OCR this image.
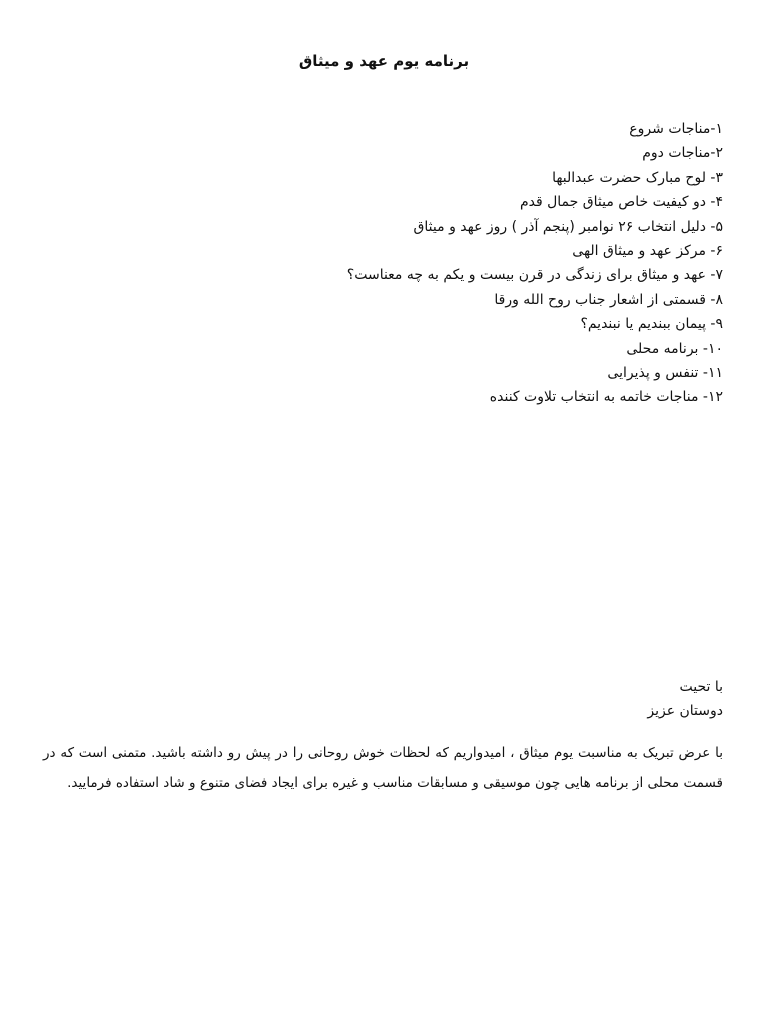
برنامه یوم عهد و میثاق
۱-مناجات شروع
۲-مناجات دوم
۳- لوح مبارک حضرت عبدالبها
۴- دو کیفیت خاص میثاق جمال قدم
۵- دلیل انتخاب ۲۶ نوامبر (پنجم آذر ) روز عهد و میثاق
۶- مرکز عهد و میثاق الهی
۷- عهد و میثاق برای زندگی در قرن بیست و یکم به چه معناست؟
۸- قسمتی از اشعار جناب روح الله ورقا
۹- پیمان ببندیم یا نبندیم؟
۱۰- برنامه محلی
۱۱- تنفس و پذیرایی
۱۲- مناجات خاتمه به انتخاب تلاوت کننده

با تحیت

دوستان عزیز

با عرض تبریک به مناسبت یوم میثاق ، امیدواریم که لحظات خوش روحانی را در پیش رو داشته باشید. متمنی است که در قسمت محلی از برنامه هایی چون موسیقی و مسابقات مناسب و غیره برای ایجاد فضای متنوع و شاد استفاده فرمایید.
